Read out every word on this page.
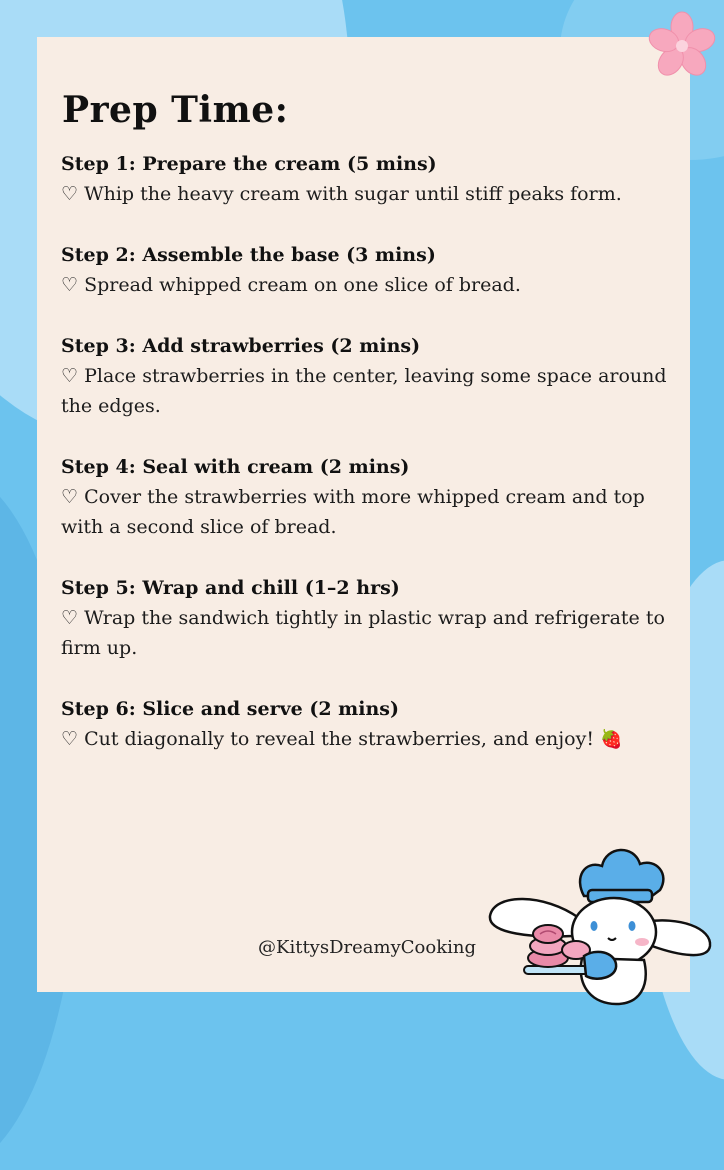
Prep Time:
Step 1: Prepare the cream (5 mins)
♡ Whip the heavy cream with sugar until stiff peaks form.
Step 2: Assemble the base (3 mins)
♡ Spread whipped cream on one slice of bread.
Step 3: Add strawberries (2 mins)
♡ Place strawberries in the center, leaving some space around the edges.
Step 4: Seal with cream (2 mins)
♡ Cover the strawberries with more whipped cream and top with a second slice of bread.
Step 5: Wrap and chill (1–2 hrs)
♡ Wrap the sandwich tightly in plastic wrap and refrigerate to firm up.
Step 6: Slice and serve (2 mins)
♡ Cut diagonally to reveal the strawberries, and enjoy! 🍓
@KittysDreamyCooking
